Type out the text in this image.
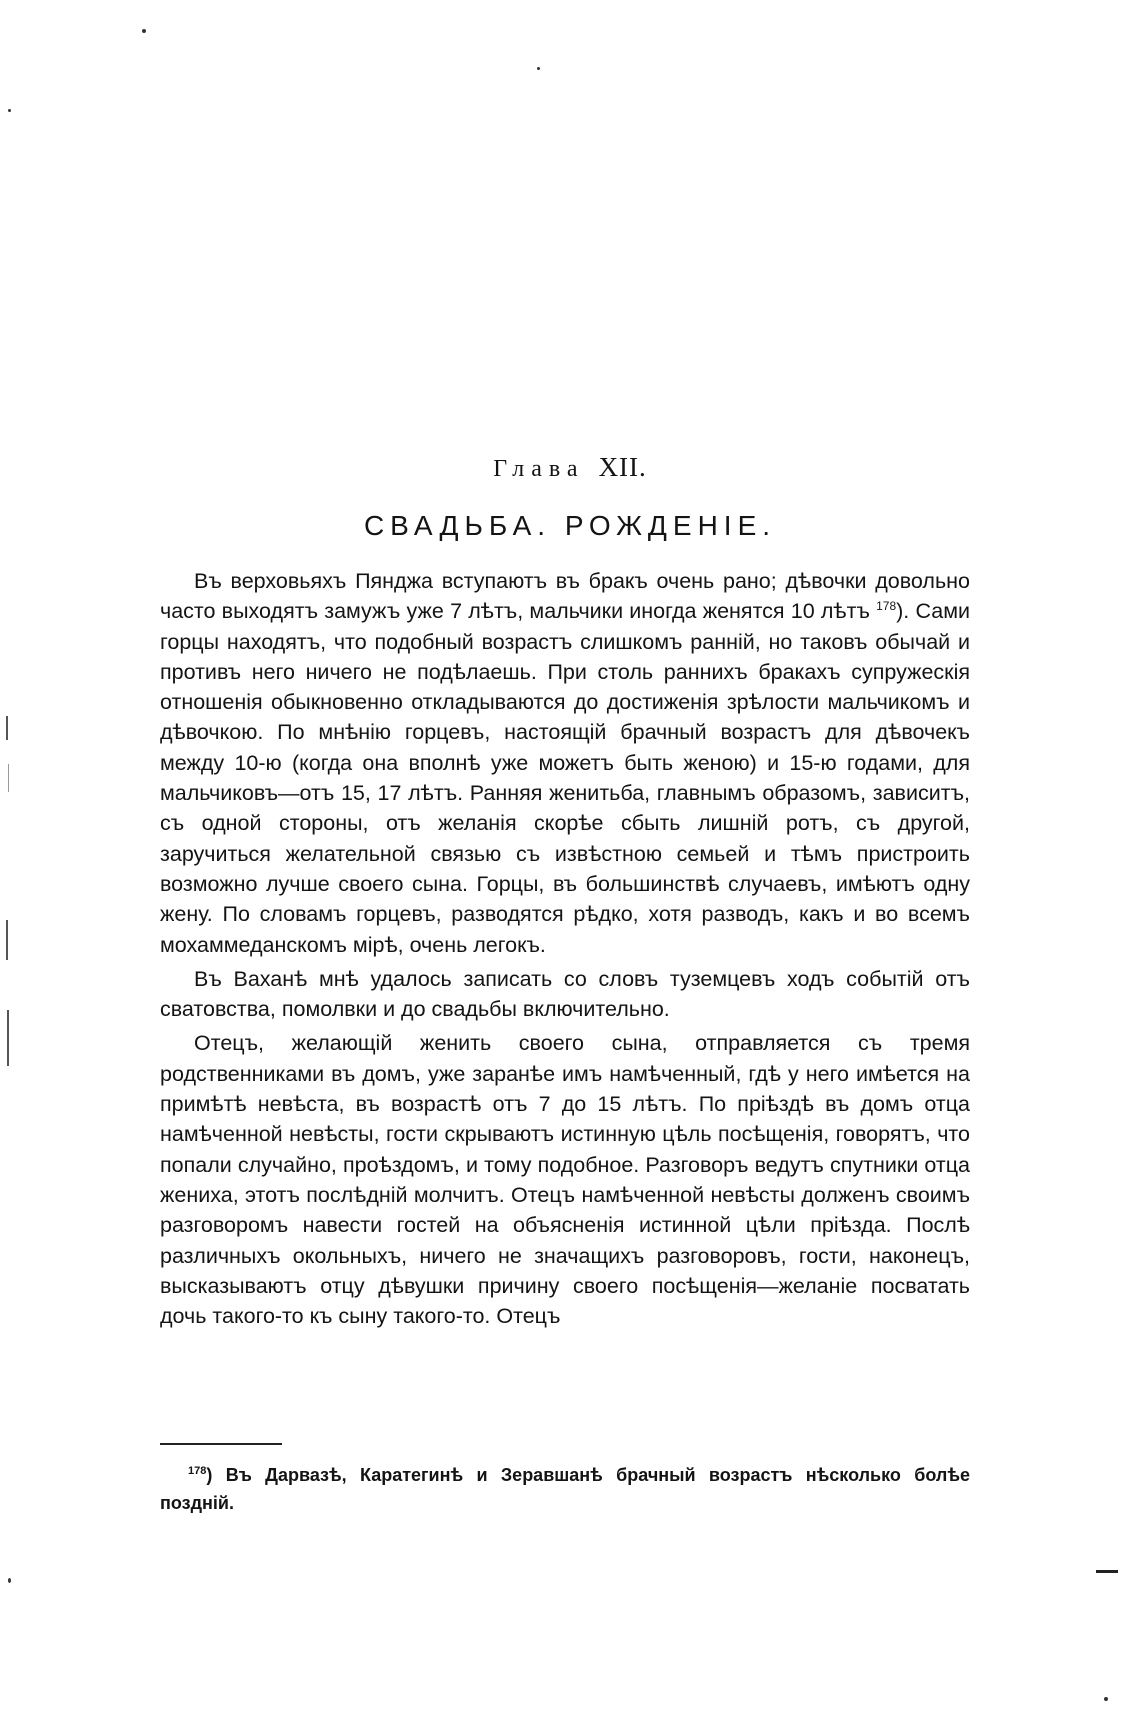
Глава XII.
СВАДЬБА. РОЖДЕНІЕ.

Въ верховьяхъ Пянджа вступаютъ въ бракъ очень рано; дѣвочки довольно часто выходятъ замужъ уже 7 лѣтъ, мальчики иногда женятся 10 лѣтъ $^{178}$). Сами горцы находятъ, что подобный возрастъ слишкомъ ранній, но таковъ обычай и противъ него ничего не подѣлаешь. При столь раннихъ бракахъ супружескія отношенія обыкновенно откладываются до достиженія зрѣлости мальчикомъ и дѣвочкою. По мнѣнію горцевъ, настоящій брачный возрастъ для дѣвочекъ между 10-ю (когда она вполнѣ уже можетъ быть женою) и 15-ю годами, для мальчиковъ—отъ 15, 17 лѣтъ. Ранняя женитьба, главнымъ образомъ, зависитъ, съ одной стороны, отъ желанія скорѣе сбыть лишній ротъ, съ другой, заручиться желательной связью съ извѣстною семьей и тѣмъ пристроить возможно лучше своего сына. Горцы, въ большинствѣ случаевъ, имѣютъ одну жену. По словамъ горцевъ, разводятся рѣдко, хотя разводъ, какъ и во всемъ мохаммеданскомъ мірѣ, очень легокъ.

Въ Ваханѣ мнѣ удалось записать со словъ туземцевъ ходъ событій отъ сватовства, помолвки и до свадьбы включительно.

Отецъ, желающій женить своего сына, отправляется съ тремя родственниками въ домъ, уже заранѣе имъ намѣченный, гдѣ у него имѣется на примѣтѣ невѣста, въ возрастѣ отъ 7 до 15 лѣтъ. По пріѣздѣ въ домъ отца намѣченной невѣсты, гости скрываютъ истинную цѣль посѣщенія, говорятъ, что попали случайно, проѣздомъ, и тому подобное. Разговоръ ведутъ спутники отца жениха, этотъ послѣдній молчитъ. Отецъ намѣченной невѣсты долженъ своимъ разговоромъ навести гостей на объясненія истинной цѣли пріѣзда. Послѣ различныхъ окольныхъ, ничего не значащихъ разговоровъ, гости, наконецъ, высказываютъ отцу дѣвушки причину своего посѣщенія—желаніе посватать дочь такого-то къ сыну такого-то. Отецъ

$^{178}$) Въ Дарвазѣ, Каратегинѣ и Зеравшанѣ брачный возрастъ нѣсколько болѣе поздній.
